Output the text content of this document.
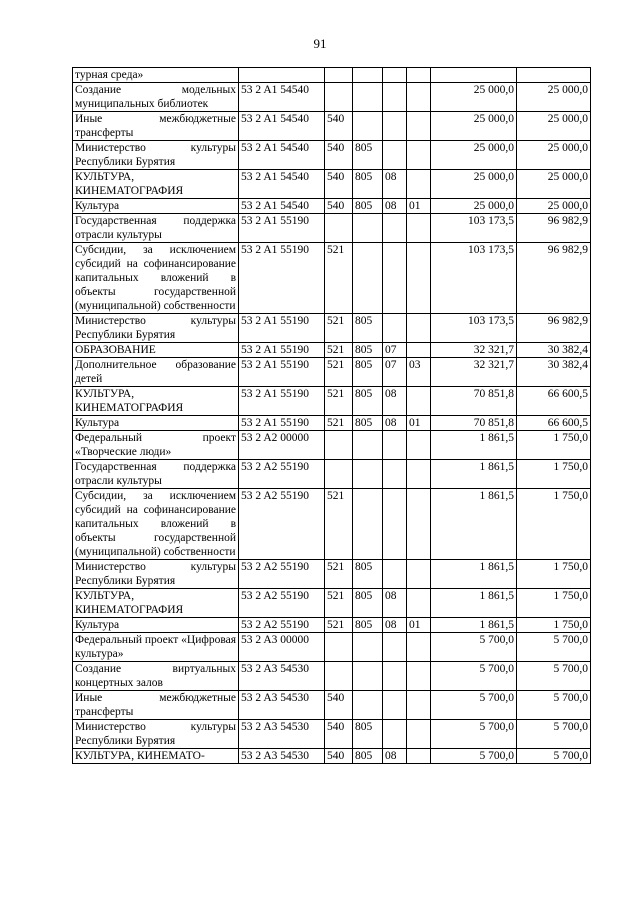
91
турная среда»							
Создание модельных муниципальных библиотек	53 2 A1 54540					25 000,0	25 000,0
Иные межбюджетные трансферты	53 2 A1 54540	540				25 000,0	25 000,0
Министерство культуры Республики Бурятия	53 2 A1 54540	540	805			25 000,0	25 000,0
КУЛЬТУРА, КИНЕМАТОГРАФИЯ	53 2 A1 54540	540	805	08		25 000,0	25 000,0
Культура	53 2 A1 54540	540	805	08	01	25 000,0	25 000,0
Государственная поддержка отрасли культуры	53 2 A1 55190					103 173,5	96 982,9
Субсидии, за исключением субсидий на софинансирование капитальных вложений в объекты государственной (муниципальной) собственности	53 2 A1 55190	521				103 173,5	96 982,9
Министерство культуры Республики Бурятия	53 2 A1 55190	521	805			103 173,5	96 982,9
ОБРАЗОВАНИЕ	53 2 A1 55190	521	805	07		32 321,7	30 382,4
Дополнительное образование детей	53 2 A1 55190	521	805	07	03	32 321,7	30 382,4
КУЛЬТУРА, КИНЕМАТОГРАФИЯ	53 2 A1 55190	521	805	08		70 851,8	66 600,5
Культура	53 2 A1 55190	521	805	08	01	70 851,8	66 600,5
Федеральный проект «Творческие люди»	53 2 A2 00000					1 861,5	1 750,0
Государственная поддержка отрасли культуры	53 2 A2 55190					1 861,5	1 750,0
Субсидии, за исключением субсидий на софинансирование капитальных вложений в объекты государственной (муниципальной) собственности	53 2 A2 55190	521				1 861,5	1 750,0
Министерство культуры Республики Бурятия	53 2 A2 55190	521	805			1 861,5	1 750,0
КУЛЬТУРА, КИНЕМАТОГРАФИЯ	53 2 A2 55190	521	805	08		1 861,5	1 750,0
Культура	53 2 A2 55190	521	805	08	01	1 861,5	1 750,0
Федеральный проект «Цифровая культура»	53 2 A3 00000					5 700,0	5 700,0
Создание виртуальных концертных залов	53 2 A3 54530					5 700,0	5 700,0
Иные межбюджетные трансферты	53 2 A3 54530	540				5 700,0	5 700,0
Министерство культуры Республики Бурятия	53 2 A3 54530	540	805			5 700,0	5 700,0
КУЛЬТУРА, КИНЕМАТО-	53 2 A3 54530	540	805	08		5 700,0	5 700,0
